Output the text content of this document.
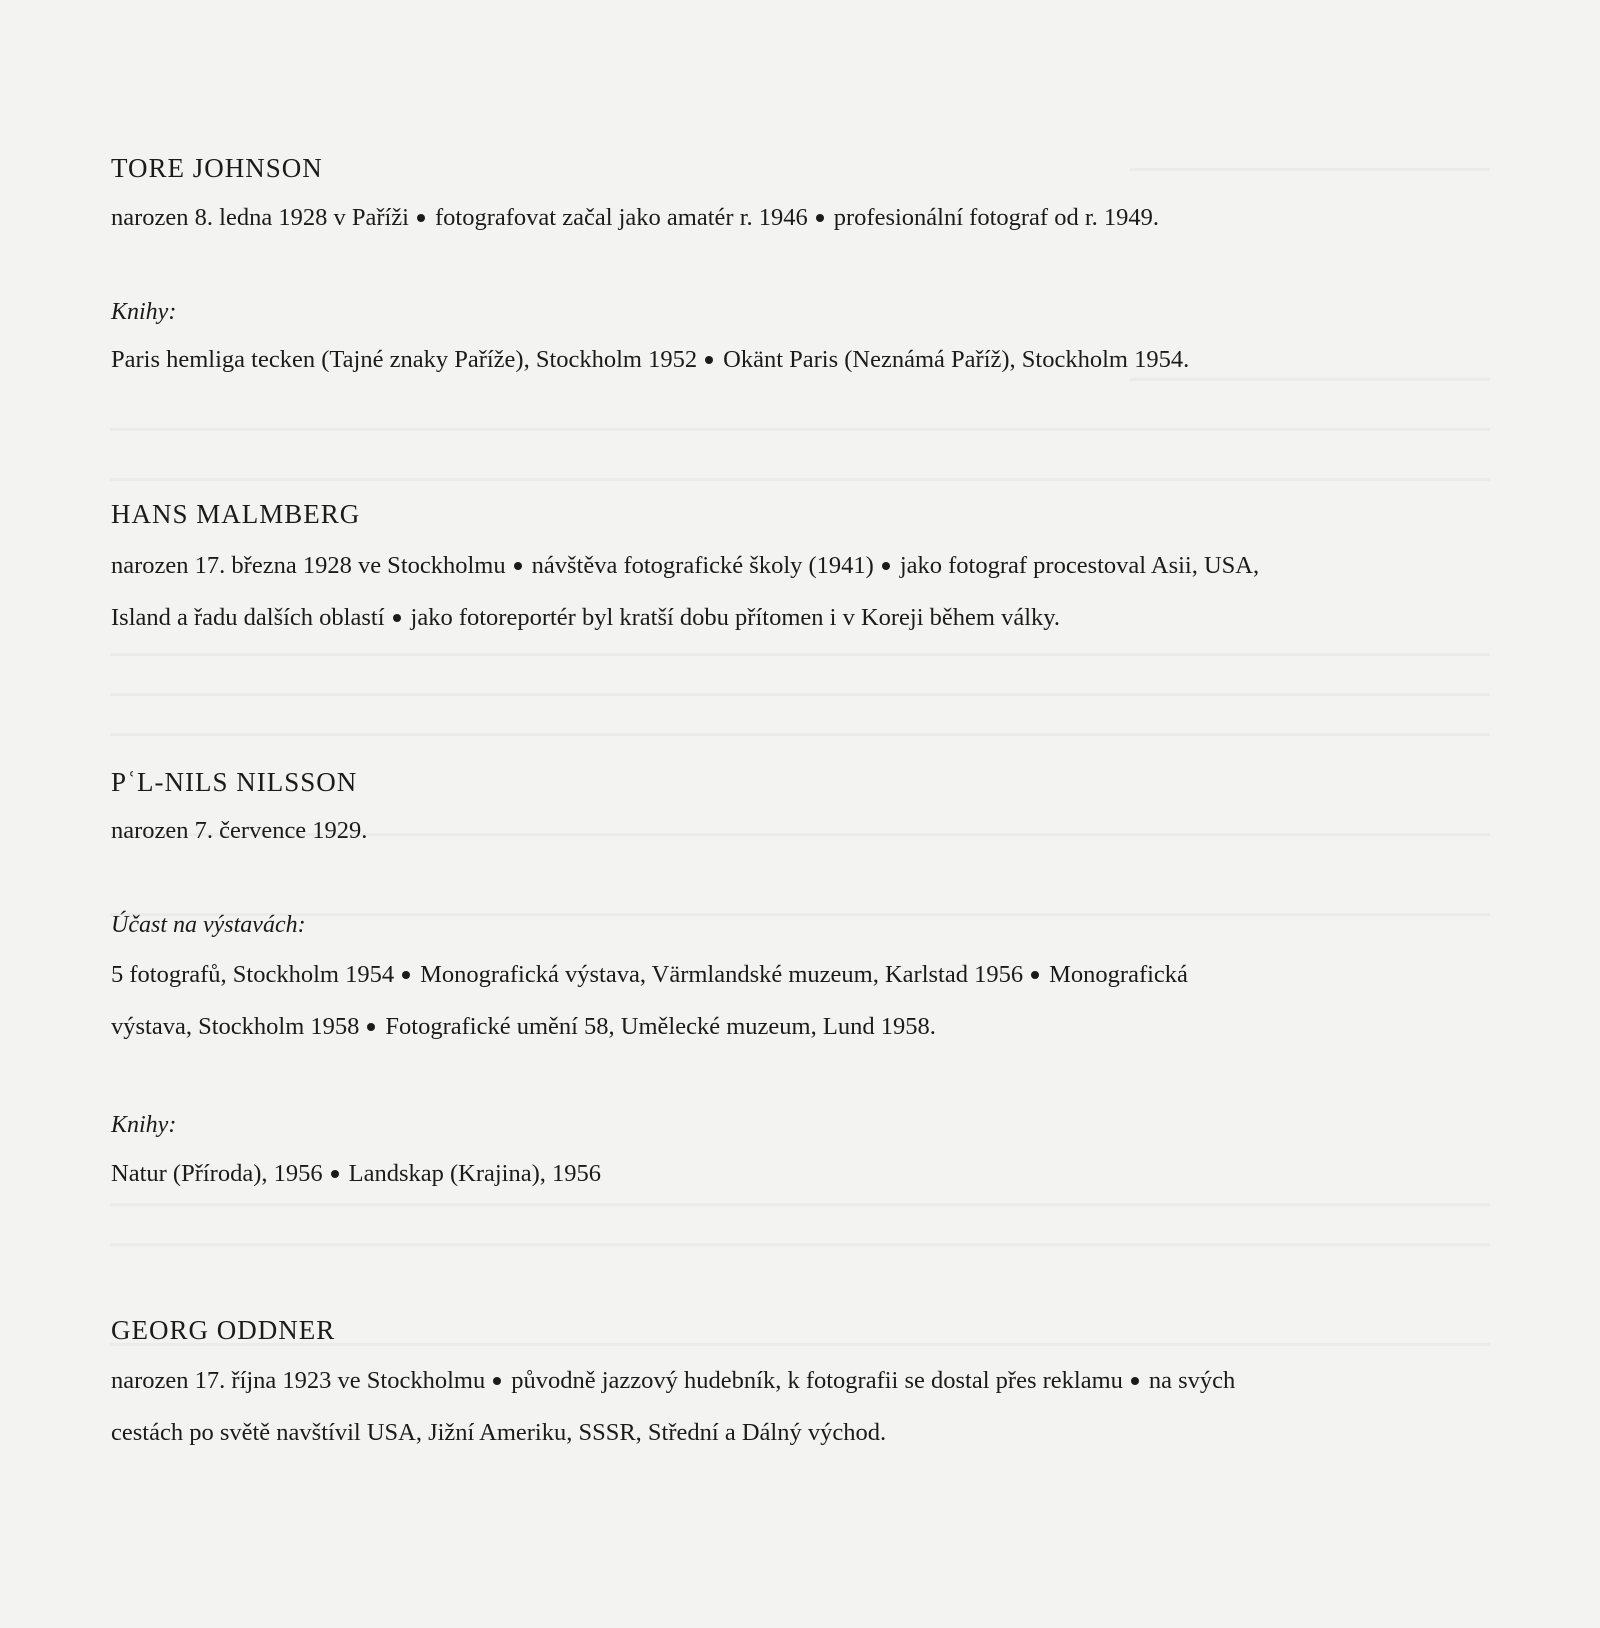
TORE JOHNSON

narozen 8. ledna 1928 v Paříži fotografovat začal jako amatér r. 1946 profesionální fotograf od r. 1949.

Knihy:

Paris hemliga tecken (Tajné znaky Paříže), Stockholm 1952 Okänt Paris (Neznámá Paříž), Stockholm 1954.

HANS MALMBERG

narozen 17. března 1928 ve Stockholmu návštěva fotografické školy (1941) jako fotograf procestoval Asii, USA,

Island a řadu dalších oblastí jako fotoreportér byl kratší dobu přítomen i v Koreji během války.

PʿL-NILS NILSSON

narozen 7. července 1929.

Účast na výstavách:

5 fotografů, Stockholm 1954 Monografická výstava, Värmlandské muzeum, Karlstad 1956 Monografická

výstava, Stockholm 1958 Fotografické umění 58, Umělecké muzeum, Lund 1958.

Knihy:

Natur (Příroda), 1956 Landskap (Krajina), 1956

GEORG ODDNER

narozen 17. října 1923 ve Stockholmu původně jazzový hudebník, k fotografii se dostal přes reklamu na svých

cestách po světě navštívil USA, Jižní Ameriku, SSSR, Střední a Dálný východ.
